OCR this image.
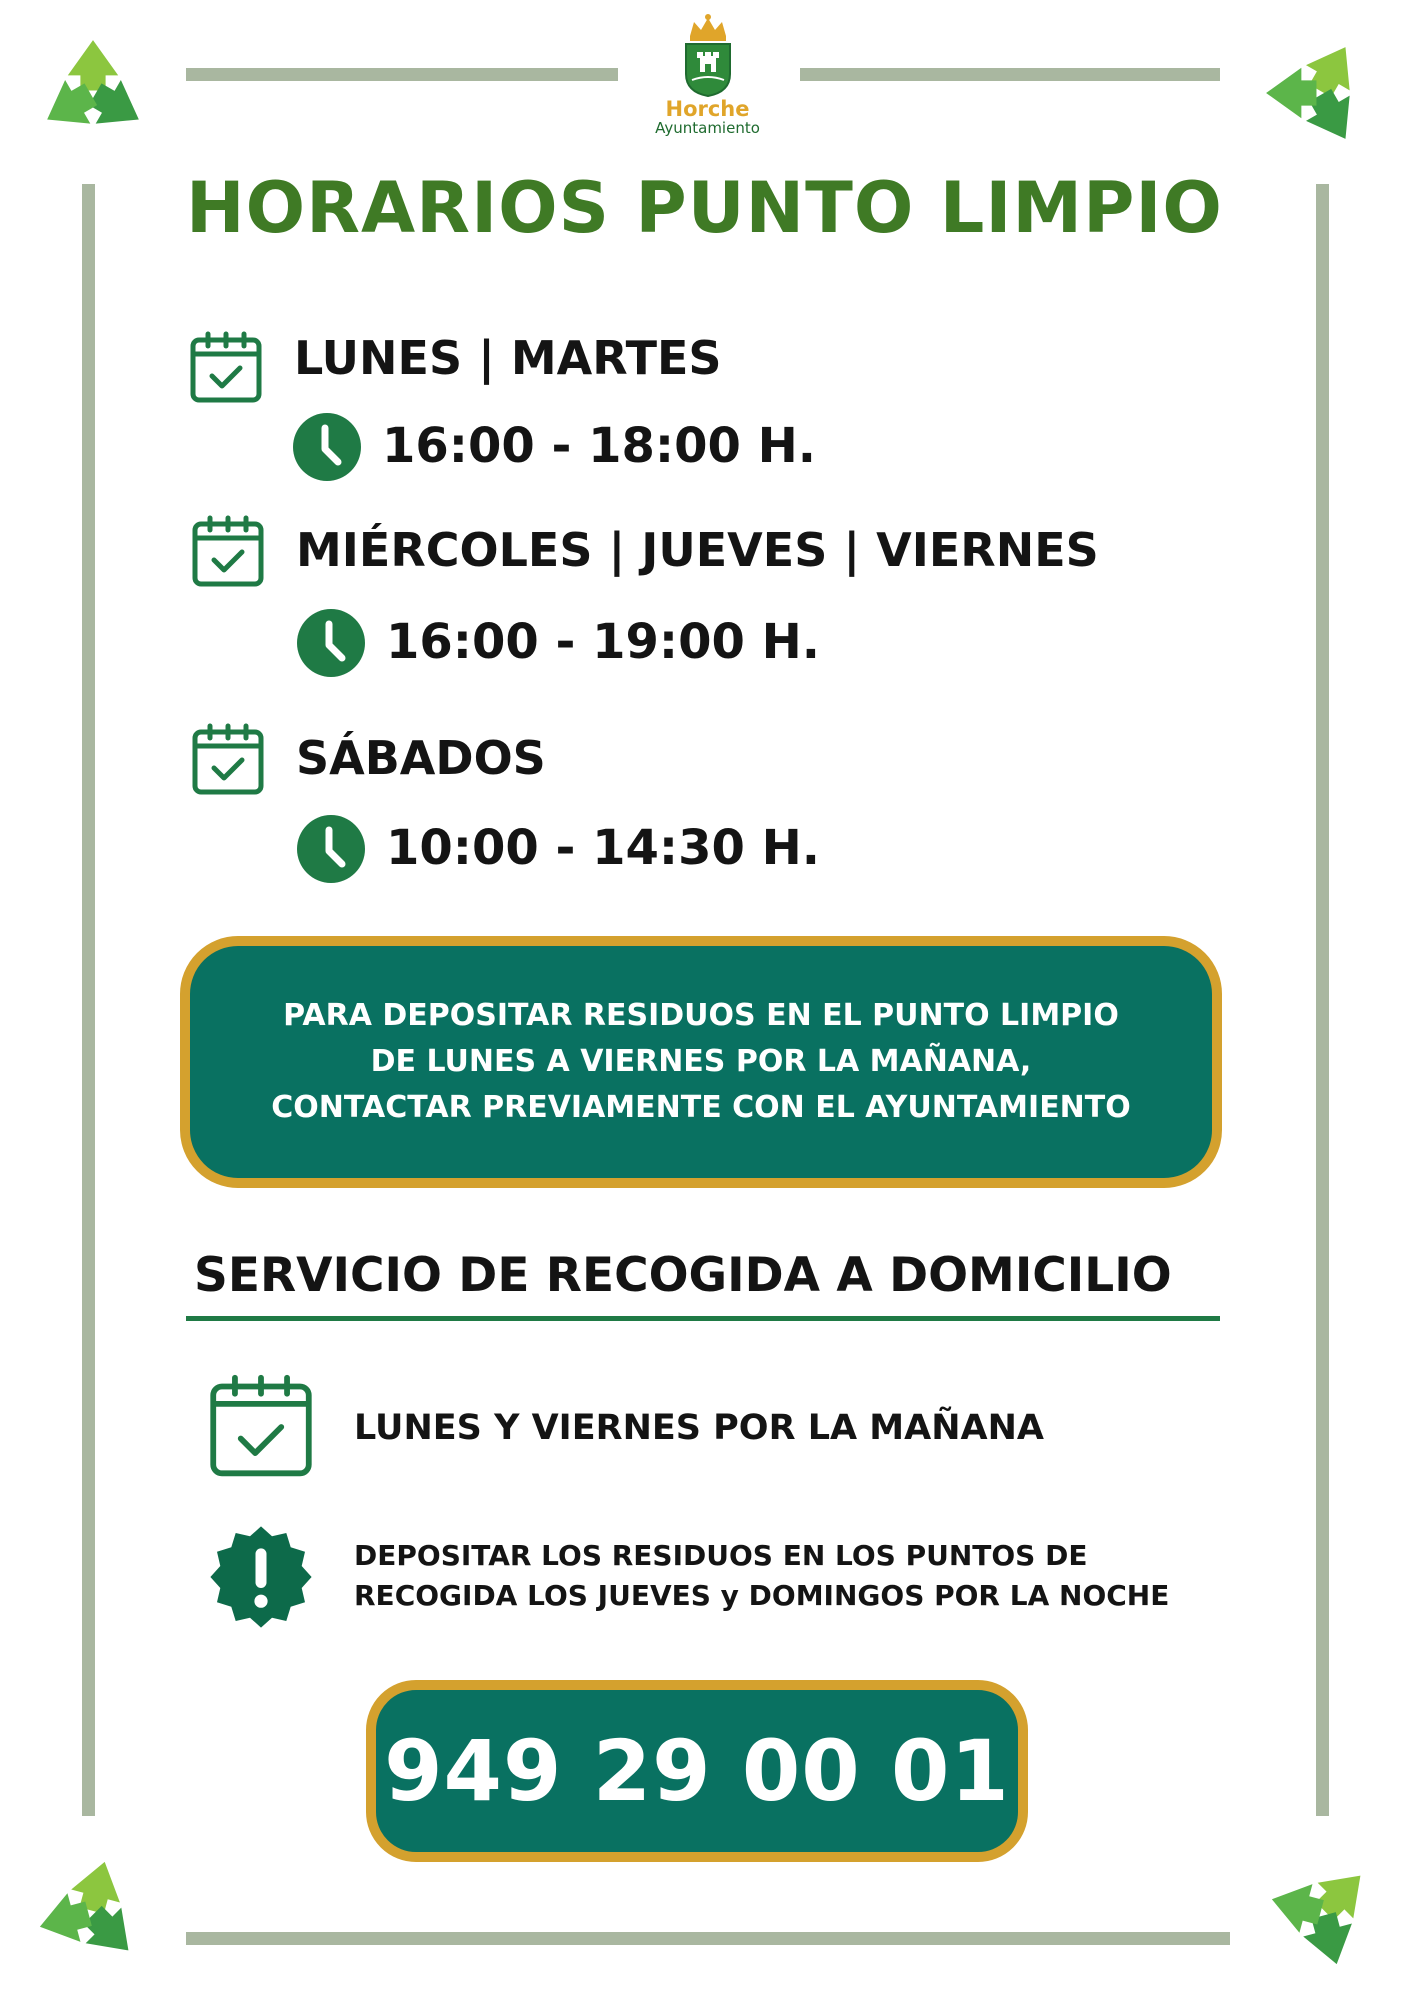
Horche
Ayuntamiento
HORARIOS PUNTO LIMPIO
LUNES | MARTES
16:00 - 18:00 H.
MIÉRCOLES | JUEVES | VIERNES
16:00 - 19:00 H.
SÁBADOS
10:00 - 14:30 H.
PARA DEPOSITAR RESIDUOS EN EL PUNTO LIMPIO
DE LUNES A VIERNES POR LA MAÑANA,
CONTACTAR PREVIAMENTE CON EL AYUNTAMIENTO
SERVICIO DE RECOGIDA A DOMICILIO
LUNES Y VIERNES POR LA MAÑANA
DEPOSITAR LOS RESIDUOS EN LOS PUNTOS DE
RECOGIDA LOS JUEVES y DOMINGOS POR LA NOCHE
949 29 00 01
